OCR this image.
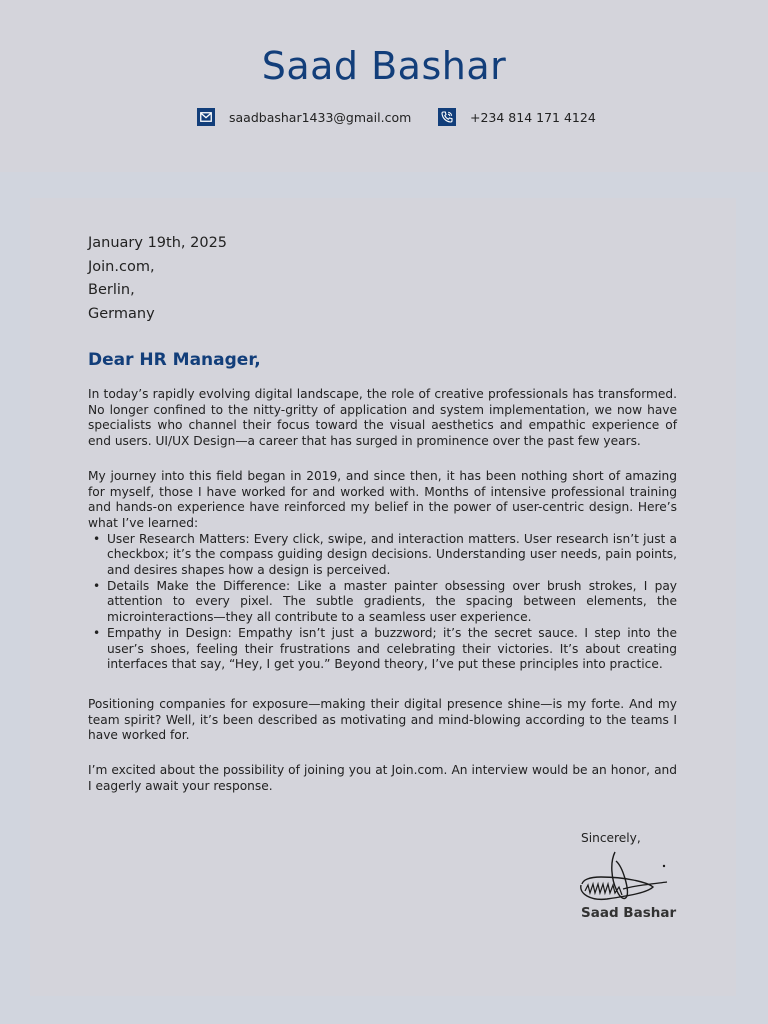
Saad Bashar
saadbashar1433@gmail.com	+234 814 171 4124
January 19th, 2025
Join.com,
Berlin,
Germany
Dear HR Manager,

In today’s rapidly evolving digital landscape, the role of creative professionals has transformed. No longer confined to the nitty-gritty of application and system implementation, we now have specialists who channel their focus toward the visual aesthetics and empathic experience of end users. UI/UX Design—a career that has surged in prominence over the past few years.

My journey into this field began in 2019, and since then, it has been nothing short of amazing for myself, those I have worked for and worked with. Months of intensive professional training and hands-on experience have reinforced my belief in the power of user-centric design. Here’s what I’ve learned:

• User Research Matters: Every click, swipe, and interaction matters. User research isn’t just a checkbox; it’s the compass guiding design decisions. Understanding user needs, pain points, and desires shapes how a design is perceived.
• Details Make the Difference: Like a master painter obsessing over brush strokes, I pay attention to every pixel. The subtle gradients, the spacing between elements, the microinteractions—they all contribute to a seamless user experience.
• Empathy in Design: Empathy isn’t just a buzzword; it’s the secret sauce. I step into the user’s shoes, feeling their frustrations and celebrating their victories. It’s about creating interfaces that say, “Hey, I get you.” Beyond theory, I’ve put these principles into practice.

Positioning companies for exposure—making their digital presence shine—is my forte. And my team spirit? Well, it’s been described as motivating and mind-blowing according to the teams I have worked for.

I’m excited about the possibility of joining you at Join.com. An interview would be an honor, and I eagerly await your response.

Sincerely,
Saad Bashar
